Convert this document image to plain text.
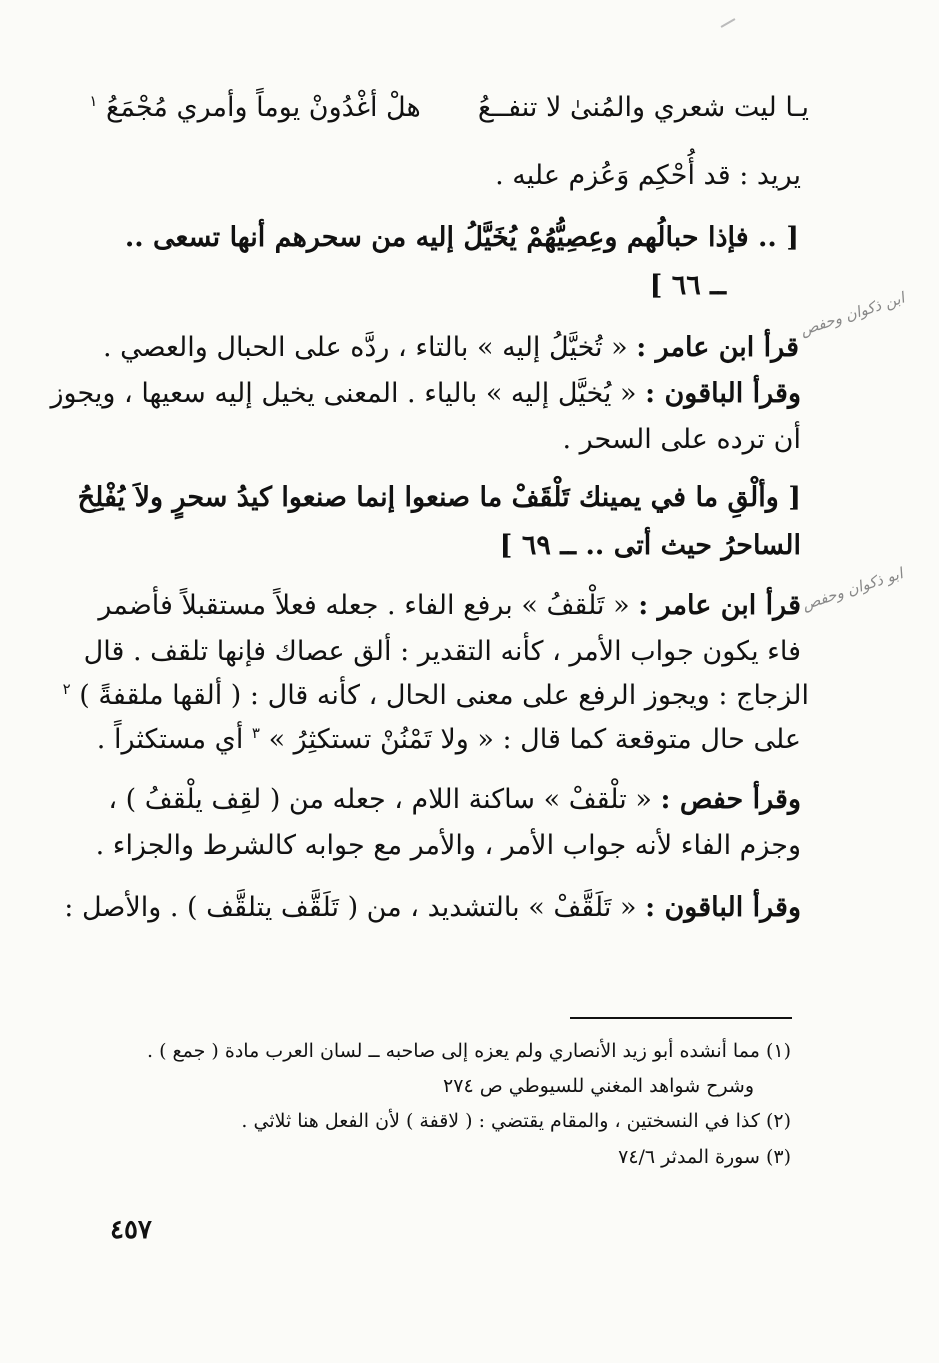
يـا ليت شعري والمُنىٰ لا تنفــعُ  هلْ أغْدُونْ يوماً وأمري مُجْمَعُ $^١$
يريد : قد أُحْكِم وَعُزم عليه .
[ .. فإذا حبالُهم وعِصِيُّهُمْ يُخَيَّلُ إليه من سحرهم أنها تسعى ..
ــ ٦٦ ]
ابن ذكوان وحفص
قرأ ابن عامر : « تُخيَّلُ إليه » بالتاء ، ردَّه على الحبال والعصي .
وقرأ الباقون : « يُخيَّل إليه » بالياء . المعنى يخيل إليه سعيها ، ويجوز
أن ترده على السحر .
[ وألْقِ ما في يمينك تَلْقَفْ ما صنعوا إنما صنعوا كيدُ سحرٍ ولاَ يُفْلِحُ
الساحرُ حيث أتى .. ــ ٦٩ ]
ابو ذكوان وحفص
قرأ ابن عامر : « تَلْقفُ » برفع الفاء . جعله فعلاً مستقبلاً فأضمر
فاء يكون جواب الأمر ، كأنه التقدير : ألق عصاك فإنها تلقف . قال
الزجاج : ويجوز الرفع على معنى الحال ، كأنه قال : ( ألقها ملقفةً ) $^٢$
على حال متوقعة كما قال : « ولا تَمْنُنْ تستكثِرُ » $^٣$ أي مستكثراً .
وقرأ حفص : « تلْقفْ » ساكنة اللام ، جعله من ( لقِف يلْقفُ ) ،
وجزم الفاء لأنه جواب الأمر ، والأمر مع جوابه كالشرط والجزاء .
وقرأ الباقون : « تَلَقَّفْ » بالتشديد ، من ( تَلَقَّف يتلقَّف ) . والأصل :
(١) مما أنشده أبو زيد الأنصاري ولم يعزه إلى صاحبه ــ لسان العرب مادة ( جمع ) .
وشرح شواهد المغني للسيوطي ص ٢٧٤
(٢) كذا في النسختين ، والمقام يقتضي : ( لاقفة ) لأن الفعل هنا ثلاثي .
(٣) سورة المدثر ٧٤/٦
٤٥٧
